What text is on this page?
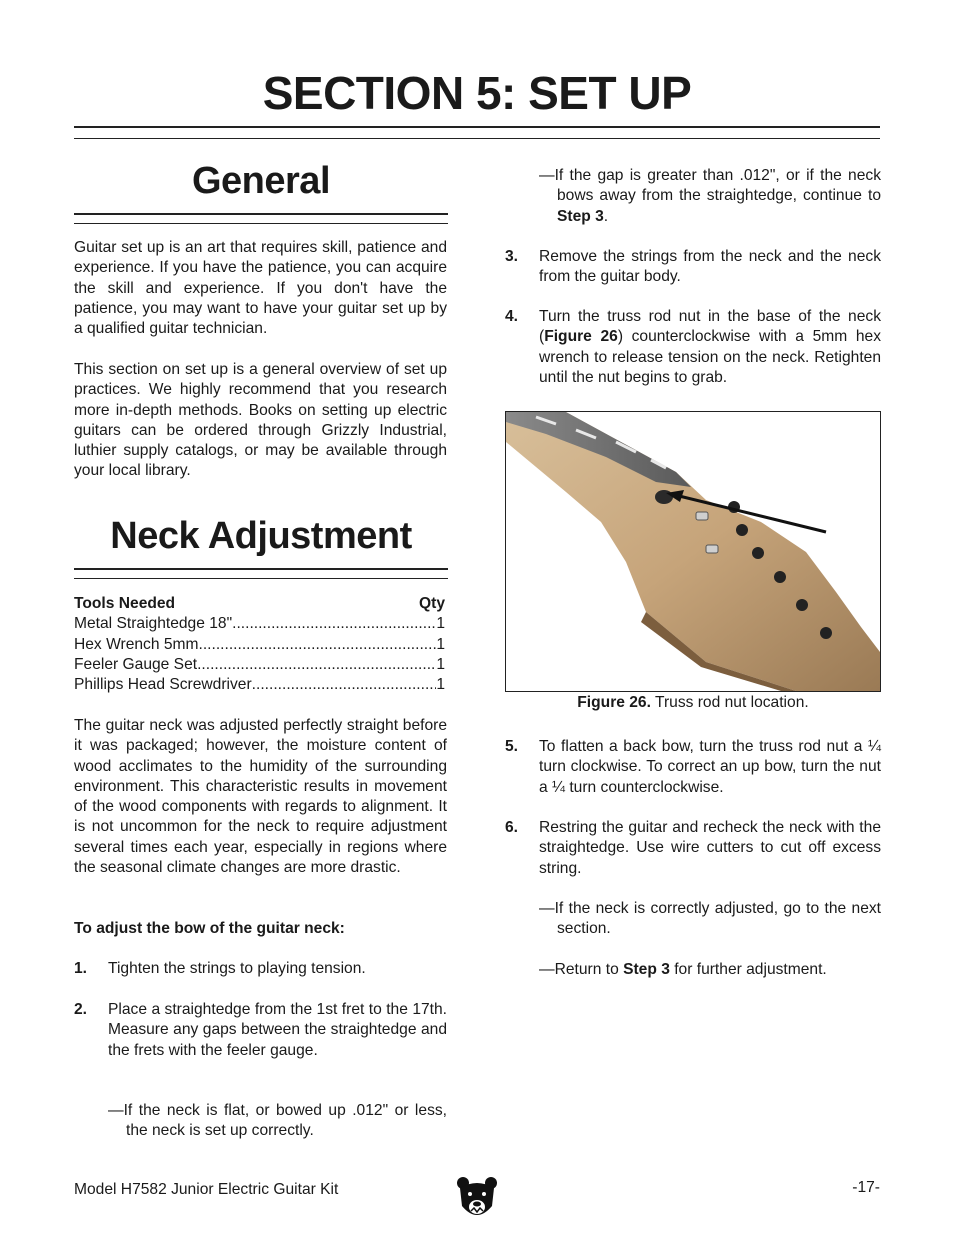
SECTION 5: SET UP
General
Guitar set up is an art that requires skill, patience and experience. If you have the patience, you can acquire the skill and experience. If you don't have the patience, you may want to have your guitar set up by a qualified guitar technician.
This section on set up is a general overview of set up practices. We highly recommend that you research more in-depth methods. Books on setting up electric guitars can be ordered through Grizzly Industrial, luthier supply catalogs, or may be available through your local library.
Neck Adjustment
Tools Needed	Qty
Metal Straightedge 18" .....	1
Hex Wrench 5mm .....	1
Feeler Gauge Set .....	1
Phillips Head Screwdriver .....	1
The guitar neck was adjusted perfectly straight before it was packaged; however, the moisture content of wood acclimates to the humidity of the surrounding environment. This characteristic results in movement of the wood components with regards to alignment. It is not uncommon for the neck to require adjustment several times each year, especially in regions where the seasonal climate changes are more drastic.
To adjust the bow of the guitar neck:
1. Tighten the strings to playing tension.
2. Place a straightedge from the 1st fret to the 17th. Measure any gaps between the straightedge and the frets with the feeler gauge.
—If the neck is flat, or bowed up .012" or less, the neck is set up correctly.
—If the gap is greater than .012", or if the neck bows away from the straightedge, continue to Step 3.
3. Remove the strings from the neck and the neck from the guitar body.
4. Turn the truss rod nut in the base of the neck (Figure 26) counterclockwise with a 5mm hex wrench to release tension on the neck. Retighten until the nut begins to grab.
Figure 26. Truss rod nut location.
5. To flatten a back bow, turn the truss rod nut a ¼ turn clockwise. To correct an up bow, turn the nut a ¼ turn counterclockwise.
6. Restring the guitar and recheck the neck with the straightedge. Use wire cutters to cut off excess string.
—If the neck is correctly adjusted, go to the next section.
—Return to Step 3 for further adjustment.
Model H7582 Junior Electric Guitar Kit	-17-
